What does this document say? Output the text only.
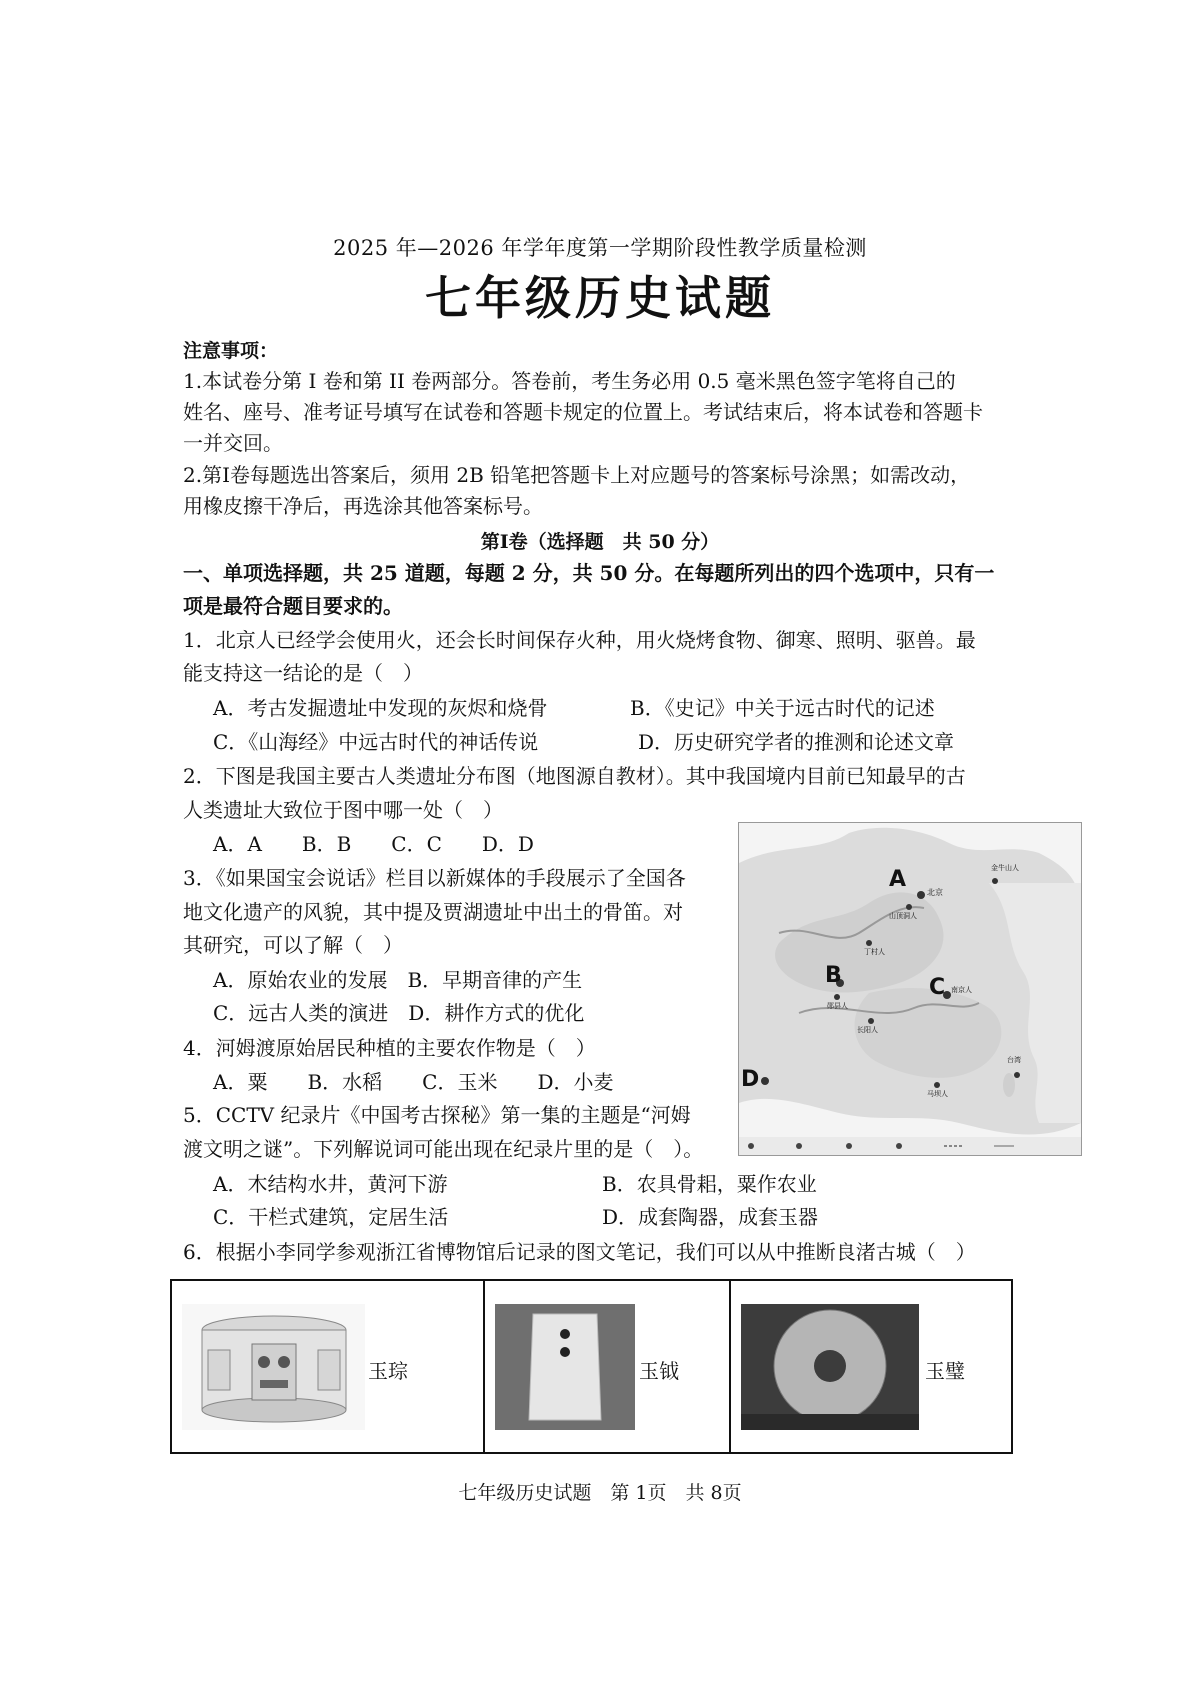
2025 年—2026 年学年度第一学期阶段性教学质量检测
七年级历史试题
注意事项：
1.本试卷分第 I 卷和第 II 卷两部分。答卷前，考生务必用 0.5 毫米黑色签字笔将自己的
姓名、座号、准考证号填写在试卷和答题卡规定的位置上。考试结束后，将本试卷和答题卡
一并交回。
2.第Ⅰ卷每题选出答案后，须用 2B 铅笔把答题卡上对应题号的答案标号涂黑；如需改动，
用橡皮擦干净后，再选涂其他答案标号。
第Ⅰ卷（选择题　共 50 分）
一、单项选择题，共 25 道题，每题 2 分，共 50 分。在每题所列出的四个选项中，只有一
项是最符合题目要求的。
1．北京人已经学会使用火，还会长时间保存火种，用火烧烤食物、御寒、照明、驱兽。最
能支持这一结论的是（　）
A．考古发掘遗址中发现的灰烬和烧骨	B．《史记》中关于远古时代的记述
C．《山海经》中远古时代的神话传说	D．历史研究学者的推测和论述文章
2．下图是我国主要古人类遗址分布图（地图源自教材）。其中我国境内目前已知最早的古
人类遗址大致位于图中哪一处（　）
A．A　　B．B　　C．C　　D．D
3．《如果国宝会说话》栏目以新媒体的手段展示了全国各
地文化遗产的风貌，其中提及贾湖遗址中出土的骨笛。对
其研究，可以了解（　）
A．原始农业的发展　B．早期音律的产生
C．远古人类的演进　D．耕作方式的优化
4．河姆渡原始居民种植的主要农作物是（　）
A．粟　　B．水稻　　C．玉米　　D．小麦
5．CCTV 纪录片《中国考古探秘》第一集的主题是“河姆
渡文明之谜”。下列解说词可能出现在纪录片里的是（　）。
A．木结构水井，黄河下游	B．农具骨耜，粟作农业
C．干栏式建筑，定居生活	D．成套陶器，成套玉器
6．根据小李同学参观浙江省博物馆后记录的图文笔记，我们可以从中推断良渚古城（　）
A
B	C
D
北京
山顶洞人
金牛山人
丁村人
郧县人
长阳人
马坝人
台湾
南京人
玉琮	玉钺	玉璧
七年级历史试题　第 1页　共 8页
